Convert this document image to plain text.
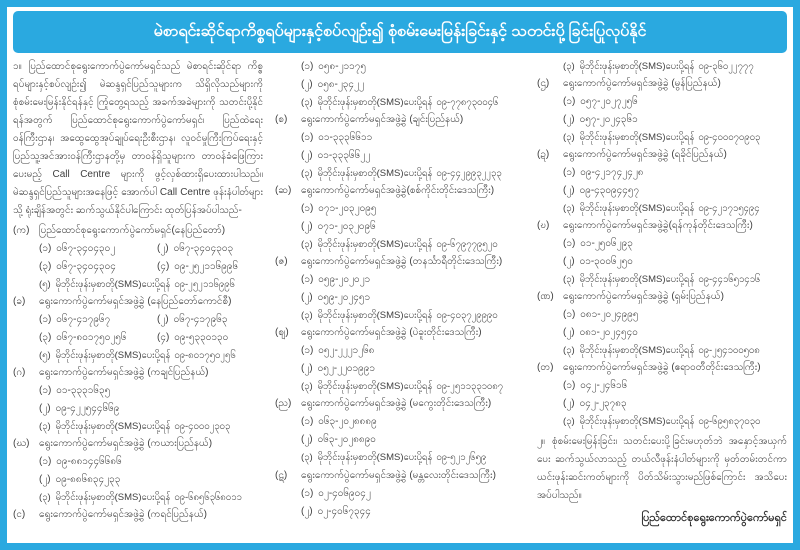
မဲစာရင်းဆိုင်ရာကိစ္စရပ်များနှင့်စပ်လျဉ်း၍ စုံစမ်းမေးမြန်းခြင်းနှင့် သတင်းပို့ခြင်းပြုလုပ်နိုင်
၁။ ပြည်ထောင်စုရွေးကောက်ပွဲကော်မရှင်သည် မဲစာရင်းဆိုင်ရာ ကိစ္စရပ်များနှင့်စပ်လျဉ်း၍ မဲဆန္ဒရှင်ပြည်သူများက သိရှိလိုသည်များကို စုံစမ်းမေးမြန်းနိုင်ရန်နှင့် ကြုံတွေ့ရသည့် အခက်အခဲများကို သတင်းပို့နိုင်ရန်အတွက် ပြည်ထောင်စုရွေးကောက်ပွဲကော်မရှင်၊ ပြည်ထဲရေးဝန်ကြီးဌာန၊ အထွေထွေအုပ်ချုပ်ရေးဦးစီးဌာန၊ လူဝင်မှုကြီးကြပ်ရေးနှင့် ပြည်သူ့အင်အားဝန်ကြီးဌာနတို့မှ တာဝန်ရှိသူများက တာဝန်ခံဖြေကြားပေးမည့် Call Centre များကို ဖွင့်လှစ်ထားရှိပေးထားပါသည်။ မဲဆန္ဒရှင်ပြည်သူများအနေဖြင့် အောက်ပါ Call Centre ဖုန်းနံပါတ်များသို့ ရုံးချိန်အတွင်း ဆက်သွယ်နိုင်ပါကြောင်း ထုတ်ပြန်အပ်ပါသည်-
(က) ပြည်ထောင်စုရွေးကောက်ပွဲကော်မရှင်(နေပြည်တော်)
(၁) ၀၆၇-၃၄၀၄၃၀၂	(၂) ၀၆၇-၃၄၀၄၃၀၃
(၃) ၀၆၇-၃၄၀၄၃၀၄	(၄) ၀၉-၂၅၂၁၁၆၉၉၆
(၅) မိုဘိုင်းဖုန်းမှစာတို(SMS)ပေးပို့ရန် ၀၉-၂၅၂၁၁၆၉၉၆
(ခ)	ရွေးကောက်ပွဲကော်မရှင်အဖွဲ့ခွဲ (နေပြည်တော်ကောင်စီ)
(၁) ၀၆၇-၄၁၇၉၆၇	(၂) ၀၆၇-၄၁၇၉၆၃
(၃) ၀၆၇-၈၀၁၇၅၀၂၅၆	(၄) ၀၉-၅၃၃၀၁၃၀
(၅) မိုဘိုင်းဖုန်းမှစာတို(SMS)ပေးပို့ရန် ၀၉-၈၀၁၇၅၀၂၅၆
(ဂ)	ရွေးကောက်ပွဲကော်မရှင်အဖွဲ့ခွဲ (ကချင်ပြည်နယ်)
(၁) ၀၁-၃၃၃၁၆၃၅
(၂) ၀၉-၄၂၂၅၄၄၆၆၉
(၃) မိုဘိုင်းဖုန်းမှစာတို(SMS)ပေးပို့ရန် ၀၉-၄၀၀၀၂၃၀၃
(ဃ) ရွေးကောက်ပွဲကော်မရှင်အဖွဲ့ခွဲ (ကယားပြည်နယ်)
(၁) ၀၉-၈၈၁၄၄၆၆၈၆
(၂) ၀၉-၈၈၆၈၃၄၂၃၃
(၃) မိုဘိုင်းဖုန်းမှစာတို(SMS)ပေးပို့ရန် ၀၉-၆၈၅၆၃၆၈၀၁၁
(င)	ရွေးကောက်ပွဲကော်မရှင်အဖွဲ့ခွဲ (ကရင်ပြည်နယ်)
(၁) ၀၅၈-၂၁၁၇၅
(၂) ၀၅၈-၂၃၄၂၂
(၃) မိုဘိုင်းဖုန်းမှစာတို(SMS)ပေးပို့ရန် ၀၉-၇၇၈၇၃၀၀၄၆
(စ)	ရွေးကောက်ပွဲကော်မရှင်အဖွဲ့ခွဲ (ချင်းပြည်နယ်)
(၁) ၀၁-၃၃၃၆၆၁၁
(၂) ၀၁-၃၃၃၆၆၂၂
(၃) မိုဘိုင်းဖုန်းမှစာတို(SMS)ပေးပို့ရန် ၀၉-၄၄၂၉၉၃၂၂၃၃
(ဆ) ရွေးကောက်ပွဲကော်မရှင်အဖွဲ့ခွဲ(စစ်ကိုင်းတိုင်းဒေသကြီး)
(၁) ၀၇၁-၂၀၃၂၀၉၅
(၂) ၀၇၁-၂၀၃၂၀၉၆
(၃) မိုဘိုင်းဖုန်းမှစာတို(SMS)ပေးပို့ရန် ၀၉-၆၇၉၇၇၉၅၂၀
(ဇ)	ရွေးကောက်ပွဲကော်မရှင်အဖွဲ့ခွဲ (တနင်္သာရီတိုင်းဒေသကြီး)
(၁) ၀၅၉-၂၀၂၀၂၁
(၂) ၀၅၉-၂၀၂၄၅၁
(၃) မိုဘိုင်းဖုန်းမှစာတို(SMS)ပေးပို့ရန် ၀၉-၄၀၃၇၂၉၉၉၀
(ဈ)	ရွေးကောက်ပွဲကော်မရှင်အဖွဲ့ခွဲ (ပဲခူးတိုင်းဒေသကြီး)
(၁) ၀၅၂-၂၂၂၁၂၆၈
(၂) ၀၅၂-၂၂၀၁၉၉၁
(၃) မိုဘိုင်းဖုန်းမှစာတို(SMS)ပေးပို့ရန် ၀၉-၂၅၁၁၃၃၁၀၈၇
(ည) ရွေးကောက်ပွဲကော်မရှင်အဖွဲ့ခွဲ (မကွေးတိုင်းဒေသကြီး)
(၁) ၀၆၃-၂၀၂၈၈၈၉
(၂) ၀၆၃-၂၀၂၈၈၉၀
(၃) မိုဘိုင်းဖုန်းမှစာတို(SMS)ပေးပို့ရန် ၀၉-၅၂၁၂၆၅၉
(ဋ)	ရွေးကောက်ပွဲကော်မရှင်အဖွဲ့ခွဲ (မန္တလေးတိုင်းဒေသကြီး)
(၁) ၀၂-၄၀၆၉၀၄၂
(၂) ၀၂-၄၀၆၇၃၄၄
(၃) မိုဘိုင်းဖုန်းမှစာတို(SMS)ပေးပို့ရန် ၀၉-၃၆၀၂၂၇၇၇
(ဌ)	ရွေးကောက်ပွဲကော်မရှင်အဖွဲ့ခွဲ (မွန်ပြည်နယ်)
(၁) ၀၅၇-၂၀၂၇၂၅၆
(၂) ၀၅၇-၂၀၂၄၃၆၁
(၃) မိုဘိုင်းဖုန်းမှစာတို(SMS)ပေးပို့ရန် ၀၉-၄၀၀၀၇၀၉၀၃
(ဍ)	ရွေးကောက်ပွဲကော်မရှင်အဖွဲ့ခွဲ (ရခိုင်ပြည်နယ်)
(၁) ၀၉-၄၂၁၇၄၂၄၂၈
(၂) ၀၉-၄၃၀၉၄၄၅၇
(၃) မိုဘိုင်းဖုန်းမှစာတို(SMS)ပေးပို့ရန် ၀၉-၄၂၁၇၁၅၄၉၄
(ဎ)	ရွေးကောက်ပွဲကော်မရှင်အဖွဲ့ခွဲ(ရန်ကုန်တိုင်းဒေသကြီး)
(၁) ၀၁-၂၅၀၆၂၉၃
(၂) ၀၁-၃၀၀၆၂၅၀
(၃) မိုဘိုင်းဖုန်းမှစာတို(SMS)ပေးပို့ရန် ၀၉-၄၄၁၆၅၁၄၁၆
(ဏ) ရွေးကောက်ပွဲကော်မရှင်အဖွဲ့ခွဲ (ရှမ်းပြည်နယ်)
(၁) ၀၈၁-၂၀၂၄၉၉၅
(၂) ၀၈၁-၂၀၂၄၅၄၀
(၃) မိုဘိုင်းဖုန်းမှစာတို(SMS)ပေးပို့ရန် ၀၉-၂၅၄၁၀၀၅၀၈
(တ) ရွေးကောက်ပွဲကော်မရှင်အဖွဲ့ခွဲ (ဧရာဝတီတိုင်းဒေသကြီး)
(၁) ၀၄၂-၂၄၆၁၆
(၂) ၀၄၂-၂၃၇၈၃
(၃) မိုဘိုင်းဖုန်းမှစာတို(SMS)ပေးပို့ရန် ၀၉-၆၉၅၈၃၇၀၃၀
၂။ စုံစမ်းမေးမြန်းခြင်း၊ သတင်းပေးပို့ခြင်းမဟုတ်ဘဲ အနှောင့်အယှက်ပေး ဆက်သွယ်လာသည့် တယ်လီဖုန်းနံပါတ်များကို မှတ်တမ်းတင်ကာ ယင်းဖုန်းဆင်းကတ်များကို ပိတ်သိမ်းသွားမည်ဖြစ်ကြောင်း အသိပေးအပ်ပါသည်။
ပြည်ထောင်စုရွေးကောက်ပွဲကော်မရှင်
